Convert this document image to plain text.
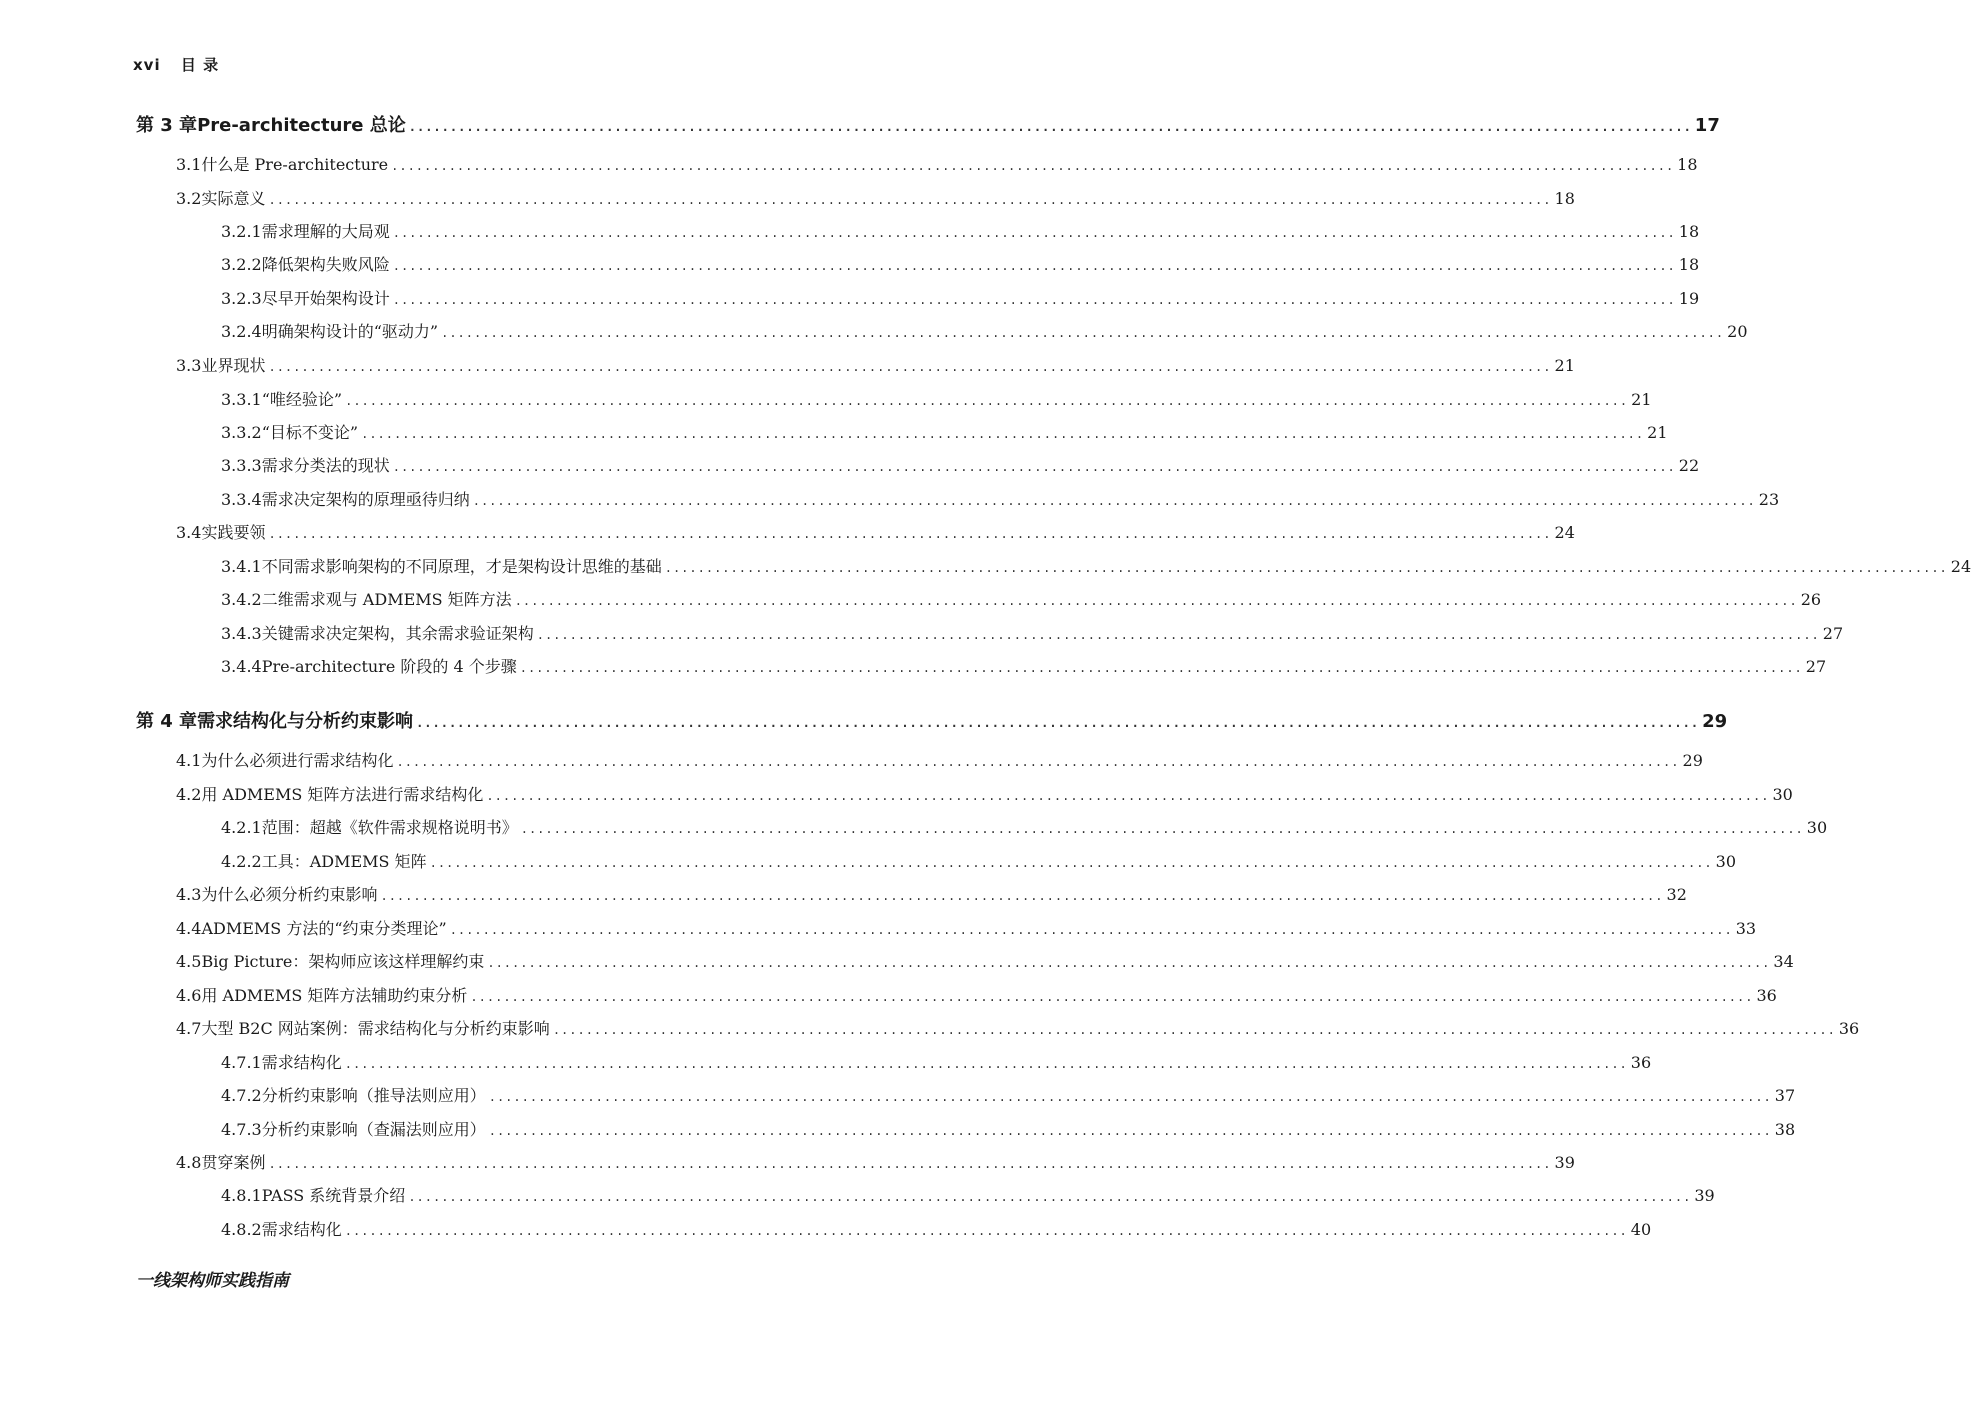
xvi 目 录
第 3 章 Pre-architecture 总论 ............................................................................................................................................................ 17
3.1 什么是 Pre-architecture ............................................................................................................................................................ 18
3.2 实际意义 ............................................................................................................................................................ 18
3.2.1 需求理解的大局观 ............................................................................................................................................................ 18
3.2.2 降低架构失败风险 ............................................................................................................................................................ 18
3.2.3 尽早开始架构设计 ............................................................................................................................................................ 19
3.2.4 明确架构设计的“驱动力” ............................................................................................................................................................ 20
3.3 业界现状 ............................................................................................................................................................ 21
3.3.1 “唯经验论” ............................................................................................................................................................ 21
3.3.2 “目标不变论” ............................................................................................................................................................ 21
3.3.3 需求分类法的现状 ............................................................................................................................................................ 22
3.3.4 需求决定架构的原理亟待归纳 ............................................................................................................................................................ 23
3.4 实践要领 ............................................................................................................................................................ 24
3.4.1 不同需求影响架构的不同原理，才是架构设计思维的基础 ............................................................................................................................................................ 24
3.4.2 二维需求观与 ADMEMS 矩阵方法 ............................................................................................................................................................ 26
3.4.3 关键需求决定架构，其余需求验证架构 ............................................................................................................................................................ 27
3.4.4 Pre-architecture 阶段的 4 个步骤 ............................................................................................................................................................ 27
第 4 章 需求结构化与分析约束影响 ............................................................................................................................................................ 29
4.1 为什么必须进行需求结构化 ............................................................................................................................................................ 29
4.2 用 ADMEMS 矩阵方法进行需求结构化 ............................................................................................................................................................ 30
4.2.1 范围：超越《软件需求规格说明书》 ............................................................................................................................................................ 30
4.2.2 工具：ADMEMS 矩阵 ............................................................................................................................................................ 30
4.3 为什么必须分析约束影响 ............................................................................................................................................................ 32
4.4 ADMEMS 方法的“约束分类理论” ............................................................................................................................................................ 33
4.5 Big Picture：架构师应该这样理解约束 ............................................................................................................................................................ 34
4.6 用 ADMEMS 矩阵方法辅助约束分析 ............................................................................................................................................................ 36
4.7 大型 B2C 网站案例：需求结构化与分析约束影响 ............................................................................................................................................................ 36
4.7.1 需求结构化 ............................................................................................................................................................ 36
4.7.2 分析约束影响（推导法则应用） ............................................................................................................................................................ 37
4.7.3 分析约束影响（查漏法则应用） ............................................................................................................................................................ 38
4.8 贯穿案例 ............................................................................................................................................................ 39
4.8.1 PASS 系统背景介绍 ............................................................................................................................................................ 39
4.8.2 需求结构化 ............................................................................................................................................................ 40
一线架构师实践指南
